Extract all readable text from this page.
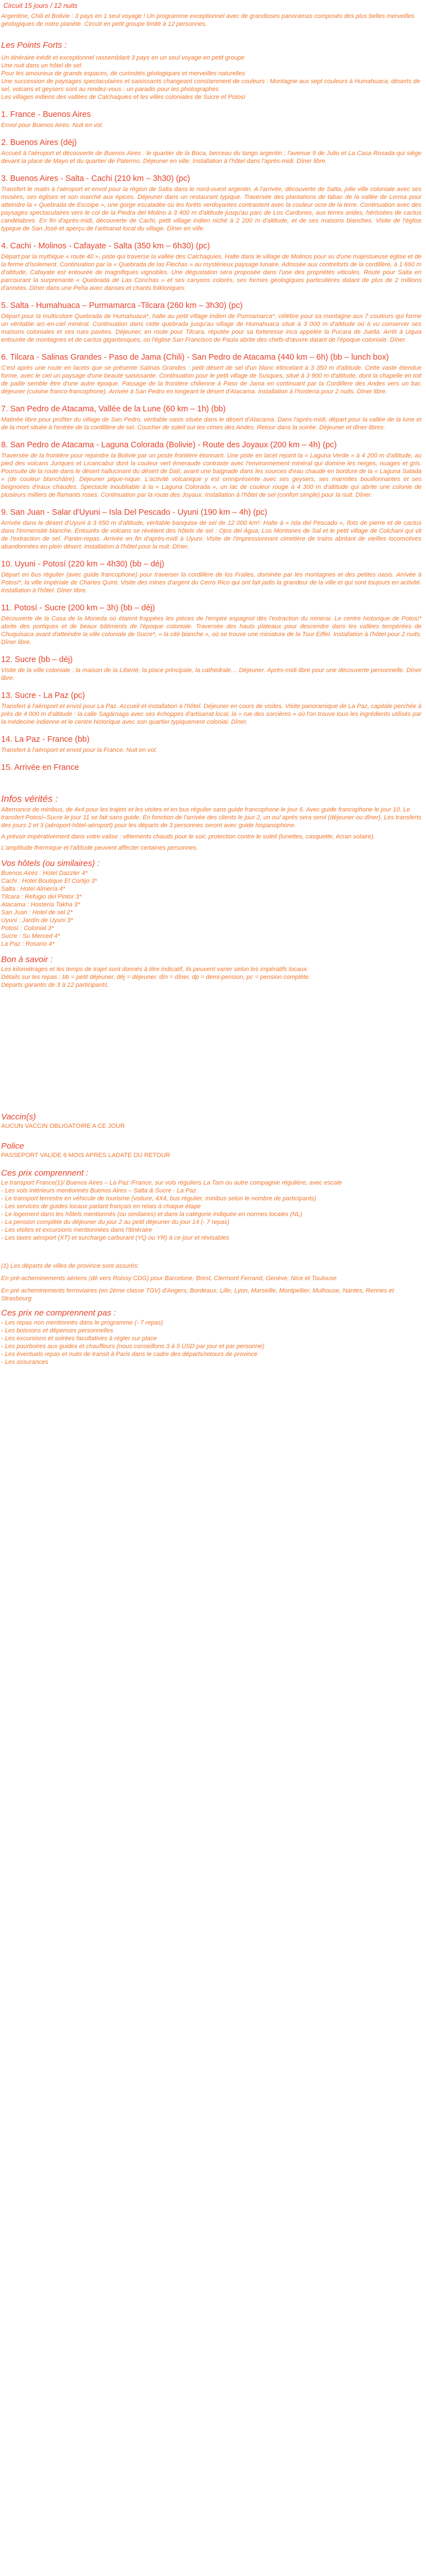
Circuit 15 jours / 12 nuits

Argentine, Chili et Bolivie : 3 pays en 1 seul voyage ! Un programme exceptionnel avec de grandioses panoramas composés des plus belles merveilles géologiques de notre planète. Circuit en petit groupe limité à 12 personnes.

Les Points Forts :
Un itinéraire inédit et exceptionnel rassemblant 3 pays en un seul voyage en petit groupe
Une nuit dans un hôtel de sel
Pour les amoureux de grands espaces, de curiosités géologiques et merveilles naturelles
Une succession de paysages spectaculaires et saisissants changeant constamment de couleurs : Montagne aux sept couleurs à Humahuaca, déserts de sel, volcans et geysers sont au rendez-vous : un paradis pour les photographes
Les villages indiens des vallées de Calchaquies et les villes coloniales de Sucre et Potosí
1. France - Buenos Aires

Envol pour Buenos Aires. Nuit en vol.

2. Buenos Aires (déj)

Accueil à l'aéroport et découverte de Buenos Aires : le quartier de la Boca, berceau du tango argentin ; l'avenue 9 de Julio et La Casa Rosada qui siège devant la place de Mayo et du quartier de Palermo. Déjeuner en ville. Installation à l'hôtel dans l'après-midi. Dîner libre.

3. Buenos Aires - Salta - Cachi (210 km – 3h30) (pc)

Transfert le matin à l'aéroport et envol pour la région de Salta dans le nord-ouest argentin. A l'arrivée, découverte de Salta, jolie ville coloniale avec ses musées, ses églises et son marché aux épices. Déjeuner dans un restaurant typique. Traversée des plantations de tabac de la vallée de Lerma pour atteindre la « Quebrada de Escoipe », une gorge escaladée où les forêts verdoyantes contrastent avec la couleur ocre de la terre. Continuation avec des paysages spectaculaires vers le col de la Piedra del Molino à 3 400 m d'altitude jusqu'au parc de Los Cardones, aux terres arides, hérissées de cactus candélabres. En fin d'après-midi, découverte de Cachi, petit village indien niché à 2 200 m d'altitude, et de ses maisons blanches. Visite de l'église typique de San José et aperçu de l'artisanat local du village. Dîner en ville.

4. Cachi - Molinos - Cafayate - Salta (350 km – 6h30) (pc)

Départ par la mythique « route 40 », piste qui traverse la vallée des Calchaquies. Halte dans le village de Molinos pour vu d'une majestueuse église et de la ferme d'isolement. Continuation par la « Quebrada de las Flechas » au mystérieux paysage lunaire. Adossée aux contreforts de la cordillère, à 1 660 m d'altitude, Cafayate est entourée de magnifiques vignobles. Une dégustation sera proposée dans l'une des propriétés viticoles. Route pour Salta en parcourant la surprenante « Quebrada de Las Conchas » et ses canyons colorés, ses formes géologiques particulières datant de plus de 2 millions d'années. Dîner dans une Peña avec danses et chants folkloriques.

5. Salta - Humahuaca – Purmamarca -Tilcara (260 km – 3h30) (pc)

Départ pour la multicolore Quebrada de Humahuaca*, halte au petit village indien de Purmamarca*, célèbre pour sa montagne aux 7 couleurs qui forme un véritable arc-en-ciel minéral. Continuation dans cette quebrada jusqu'au village de Humahuaca situé à 3 000 m d'altitude où à vu conserver ses maisons coloniales et ses rues pavées. Déjeuner, en route pour Tilcara, réputée pour sa forteresse inca appelée la Pucara de Juella. Arrêt à Uquia entourée de montagnes et de cactus gigantesques, où l'église San Francisco de Paula abrite des chefs-d'œuvre datant de l'époque coloniale. Dîner.

6. Tilcara - Salinas Grandes - Paso de Jama (Chili) - San Pedro de Atacama (440 km – 6h) (bb – lunch box)

C'est après une route en lacets que se présente Salinas Grandes : petit désert de sel d'un blanc étincelant à 3 350 m d'altitude. Cette vaste étendue forme, avec le ciel un paysage d'une beauté saisissante. Continuation pour le petit village de Susques, situé à 3 900 m d'altitude, dont la chapelle en toit de paille semble être d'une autre époque. Passage de la frontière chilienne à Paso de Jama en continuant par la Cordillère des Andes vers un bar, déjeuner (cuisine franco-francophone). Arrivée à San Pedro en longeant le désert d'Atacama. Installation à l'hostería pour 2 nuits. Dîner libre.

7. San Pedro de Atacama, Vallée de la Lune (60 km – 1h) (bb)

Matinée libre pour profiter du village de San Pedro, véritable oasis située dans le désert d'Atacama. Dans l'après-midi, départ pour la vallée de la lune et de la mort située à l'entrée de la cordillère de sel. Coucher de soleil sur les cimes des Andes. Retour dans la soirée. Déjeuner et dîner libres.

8. San Pedro de Atacama - Laguna Colorada (Bolivie) - Route des Joyaux (200 km – 4h) (pc)

Traversée de la frontière pour rejoindre la Bolivie par un poste frontière étonnant. Une piste en lacet rejoint la « Laguna Verde » à 4 200 m d'altitude, au pied des volcans Juriques et Licancabur dont la couleur vert émeraude contraste avec l'environnement minéral qui domine les neiges, nuages et gris. Poursuite de la route dans le désert hallucinant du désert de Dalí, avant une baignade dans les sources d'eau chaude en bordure de la « Laguna Salada » (de couleur blanchâtre). Déjeuner pique-nique. L'activité volcanique y est omniprésente avec ses geysers, ses marmites bouillonnantes et ses beignoires d'eaux chaudes. Spectacle inoubliable à la « Laguna Colorada », un lac de couleur rouge à 4 300 m d'altitude qui abrite une colonie de plusieurs milliers de flamants roses. Continuation par la route des Joyaux. Installation à l'hôtel de sel (confort simple) pour la nuit. Dîner.

9. San Juan - Salar d'Uyuni – Isla Del Pescado - Uyuni (190 km – 4h) (pc)

Arrivée dans le désert d'Uyuni à 3 650 m d'altitude, véritable banquise de sel de 12 000 km². Halte à « Isla del Pescado », îlots de pierre et de cactus dans l'immensité blanche. Entourés de volcans se révèlent des hôtels de sel : Ojos del Agua, Los Montones de Sal et le petit village de Colchani qui vit de l'extraction de sel. Panier-repas. Arrivée en fin d'après-midi à Uyuni. Visite de l'impressionnant cimetière de trains abritant de vieilles locomotives abandonnées en plein désert. Installation à l'hôtel pour la nuit. Dîner.

10. Uyuni - Potosí (220 km – 4h30) (bb – déj)

Départ en bus régulier (avec guide francophone) pour traverser la cordillère de los Frailes, dominée par les montagnes et des petites oasis. Arrivée à Potosí*, la ville impériale de Charles Quint. Visite des mines d'argent du Cerro Rico qui ont fait jadis la grandeur de la ville et qui sont toujours en activité. Installation à l'hôtel. Dîner libre.

11. Potosí - Sucre (200 km – 3h) (bb – déj)

Découverte de la Casa de la Moneda où étaient frappées les pièces de l'empire espagnol dès l'extraction du minerai. Le centre historique de Potosí* abrite des portiques et de beaux bâtiments de l'époque coloniale. Traversée des hauts plateaux pour descendre dans les vallées tempérées de Chuquisaca avant d'atteindre la ville coloniale de Sucre*, « la cité blanche », où se trouve une miniature de la Tour Eiffel. Installation à l'hôtel pour 2 nuits. Dîner libre.

12. Sucre (bb – déj)

Visite de la ville coloniale : la maison de la Liberté, la place principale, la cathédrale… Déjeuner. Après-midi libre pour une découverte personnelle. Dîner libre.

13. Sucre - La Paz (pc)

Transfert à l'aéroport et envol pour La Paz. Accueil et installation à l'hôtel. Déjeuner en cours de visites. Visite panoramique de La Paz, capitale perchée à près de 4 000 m d'altitude : la calle Sagárnaga avec ses échoppes d'artisanat local, la « rue des sorcières » où l'on trouve tous les ingrédients utilisés par la médecine indienne et le centre historique avec son quartier typiquement colonial. Dîner.

14. La Paz - France (bb)

Transfert à l'aéroport et envol pour la France. Nuit en vol.

15. Arrivée en France

Infos vérités :

Alternance de minibus, de 4x4 pour les trajets et les visites et en bus régulier sans guide francophone le jour 6. Avec guide francophone le jour 10. Le transfert Potosí–Sucre le jour 11 se fait sans guide. En fonction de l'arrivée des clients le jour 2, un ou/ après sera servi (déjeuner ou dîner). Les transferts des jours 2 et 3 (aéroport-hôtel-aéroport) pour les départs de 3 personnes seront avec guide hispanophone.

A prévoir impérativement dans votre valise : vêtements chauds pour le soir, protection contre le soleil (lunettes, casquette, écran solaire).

L'amplitude thermique et l'altitude peuvent affecter certaines personnes.

Vos hôtels (ou similaires) :
Buenos Aires : Hotel Dazzler 4*
Cachi : Hotel Boutique El Cortijo 3*
Salta : Hotel Almería 4*
Tilcara : Refugio del Pintor 3*
Atacama : Hostería Takha 3*
San Juan : Hotel de sel 2*
Uyuni : Jardín de Uyuni 3*
Potosí : Colonial 3*
Sucre : Su Merced 4*
La Paz : Rosario 4*
Bon à savoir :
Les kilométrages et les temps de trajet sont donnés à titre indicatif, ils peuvent varier selon les impératifs locaux.
Détails sur les repas : bb = petit déjeuner, déj = déjeuner, dîn = dîner, dp = demi-pension, pc = pension complète.
Départs garantis de 3 à 12 participants.
Vaccin(s)
AUCUN VACCIN OBLIGATOIRE A CE JOUR
Police
PASSEPORT VALIDE 6 MOIS APRES LADATE DU RETOUR
Ces prix comprennent :
Le transport France(1)/ Buenos Aires – La Paz /France, sur vols réguliers La Tam ou autre compagnie régulière, avec escale
- Les vols intérieurs mentionnés Buenos Aires – Salta & Sucre - La Paz
- Le transport terrestre en véhicule de tourisme (voiture, 4X4, bus régulier, minibus selon le nombre de participants)
- Les services de guides locaux parlant français en relais à chaque étape
- Le logement dans les hôtels mentionnés (ou similaires) et dans la catégorie indiquée en normes locales (NL)
- La pension complète du déjeuner du jour 2 au petit déjeuner du jour 14 (- 7 repas)
- Les visites et excursions mentionnées dans l'itinéraire
- Les taxes aéroport (XT) et surcharge carburant (YQ ou YR) à ce jour et révisables

(1) Les départs de villes de province sont assurés:

En pré-acheminements aériens (dé vers Roissy CDG) pour Barcelone, Brest, Clermont Ferrand, Genève, Nice et Toulouse

En pré acheminements ferroviaires (en 2ème classe TGV) d'Angers, Bordeaux, Lille, Lyon, Marseille, Montpellier, Mulhouse, Nantes, Rennes et Strasbourg

Ces prix ne comprennent pas :
- Les repas non mentionnés dans le programme (- 7 repas)
- Les boissons et dépenses personnelles
- Les excursions et soirées facultatives à régler sur place
- Les pourboires aux guides et chauffeurs (nous conseillons 3 à 5 USD par jour et par personne)
- Les éventuels repas et nuits de transit à Paris dans le cadre des départs/retours de province
- Les assurances
